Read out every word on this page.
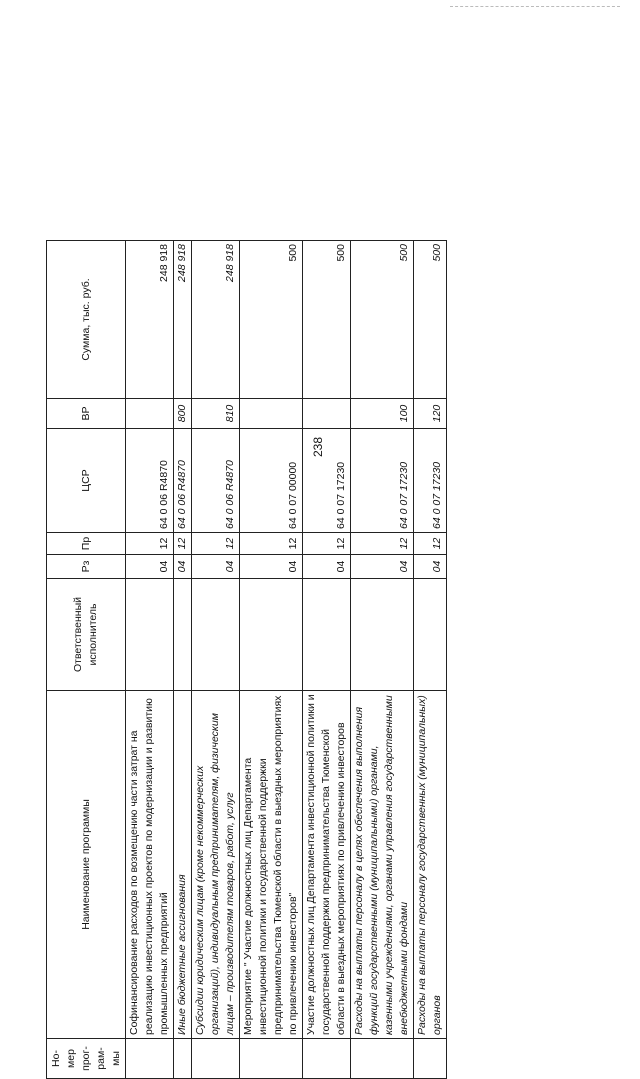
238
Но-мер прог-рам-мы	Наименование программы	Ответственный исполнитель	Рз	Пр	ЦСР	ВР	Сумма, тыс. руб.
	Софинансирование расходов по возмещению части затрат на реализацию инвестиционных проектов по модернизации и развитию промышленных предприятий		04	12	64 0 06 R4870		248 918
	Иные бюджетные ассигнования		04	12	64 0 06 R4870	800	248 918
	Субсидии юридическим лицам (кроме некоммерческих организаций), индивидуальным предпринимателям, физическим лицам – производителям товаров, работ, услуг		04	12	64 0 06 R4870	810	248 918
	Мероприятие " Участие должностных лиц Департамента инвестиционной политики и государственной поддержки предпринимательства Тюменской области в выездных мероприятиях по привлечению инвесторов"		04	12	64 0 07 00000		500
	Участие должностных лиц Департамента инвестиционной политики и государственной поддержки предпринимательства Тюменской области в выездных мероприятиях по привлечению инвесторов		04	12	64 0 07 17230		500
	Расходы на выплаты персоналу в целях обеспечения выполнения функций государственными (муниципальными) органами, казенными учреждениями, органами управления государственными внебюджетными фондами		04	12	64 0 07 17230	100	500
	Расходы на выплаты персоналу государственных (муниципальных) органов		04	12	64 0 07 17230	120	500
